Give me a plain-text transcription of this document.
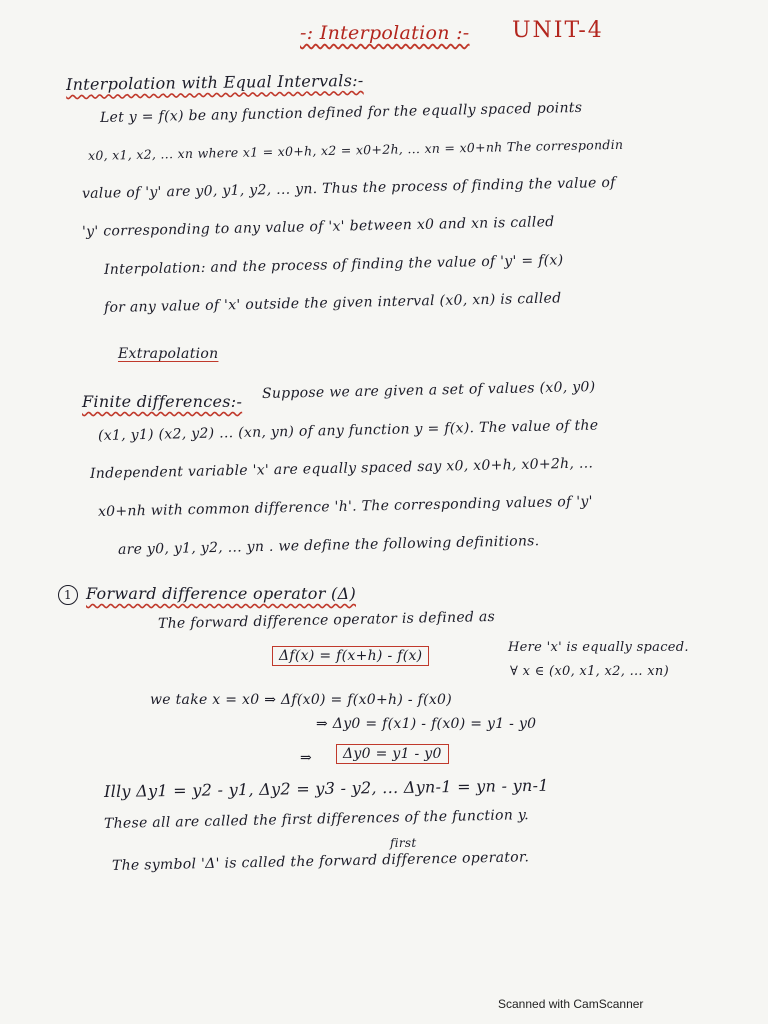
-: Interpolation :- UNIT-4
Interpolation with Equal Intervals:-
Let y = f(x) be any function defined for the equally spaced points
x0, x1, x2, ... xn where x1 = x0+h, x2 = x0+2h, ... xn = x0+nh The correspondin
value of 'y' are y0, y1, y2, ... yn. Thus the process of finding the value of
'y' corresponding to any value of 'x' between x0 and xn is called
Interpolation: and the process of finding the value of 'y' = f(x)
for any value of 'x' outside the given interval (x0, xn) is called
Extrapolation
Finite differences:- Suppose we are given a set of values (x0, y0)
(x1, y1) (x2, y2) ... (xn, yn) of any function y = f(x). The value of the
Independent variable 'x' are equally spaced say x0, x0+h, x0+2h, ...
x0+nh with common difference 'h'. The corresponding values of 'y'
are y0, y1, y2, ... yn . we define the following definitions.
1 Forward difference operator (Δ)
The forward difference operator is defined as
Δf(x) = f(x+h) - f(x)
Here 'x' is equally spaced.
∀ x ∈ (x0, x1, x2, ... xn)
we take x = x0 ⇒ Δf(x0) = f(x0+h) - f(x0)
⇒ Δy0 = f(x1) - f(x0) = y1 - y0
⇒	Δy0 = y1 - y0
Illy Δy1 = y2 - y1, Δy2 = y3 - y2, ... Δyn-1 = yn - yn-1
These all are called the first differences of the function y.
first
The symbol 'Δ' is called the forward difference operator.
Scanned with CamScanner
